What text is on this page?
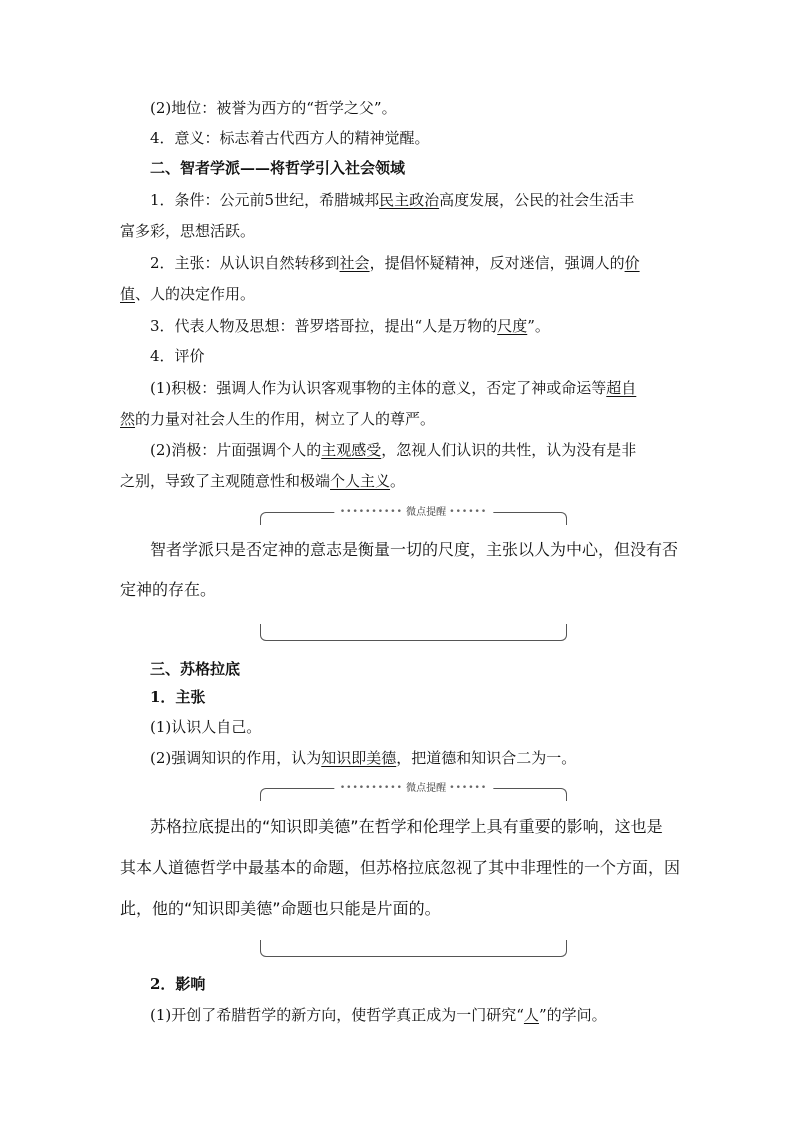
(2)地位：被誉为西方的“哲学之父”。
4．意义：标志着古代西方人的精神觉醒。
二、智者学派——将哲学引入社会领域
1．条件：公元前5世纪，希腊城邦民主政治高度发展，公民的社会生活丰
富多彩，思想活跃。
2．主张：从认识自然转移到社会，提倡怀疑精神，反对迷信，强调人的价
值、人的决定作用。
3．代表人物及思想：普罗塔哥拉，提出“人是万物的尺度”。
4．评价
(1)积极：强调人作为认识客观事物的主体的意义，否定了神或命运等超自
然的力量对社会人生的作用，树立了人的尊严。
(2)消极：片面强调个人的主观感受，忽视人们认识的共性，认为没有是非
之别，导致了主观随意性和极端个人主义。
•••••••••• 微点提醒 ••••••
智者学派只是否定神的意志是衡量一切的尺度，主张以人为中心，但没有否
定神的存在。
三、苏格拉底
1．主张
(1)认识人自己。
(2)强调知识的作用，认为知识即美德，把道德和知识合二为一。
•••••••••• 微点提醒 ••••••
苏格拉底提出的“知识即美德”在哲学和伦理学上具有重要的影响，这也是
其本人道德哲学中最基本的命题，但苏格拉底忽视了其中非理性的一个方面，因
此，他的“知识即美德”命题也只能是片面的。
2．影响
(1)开创了希腊哲学的新方向，使哲学真正成为一门研究“人”的学问。
